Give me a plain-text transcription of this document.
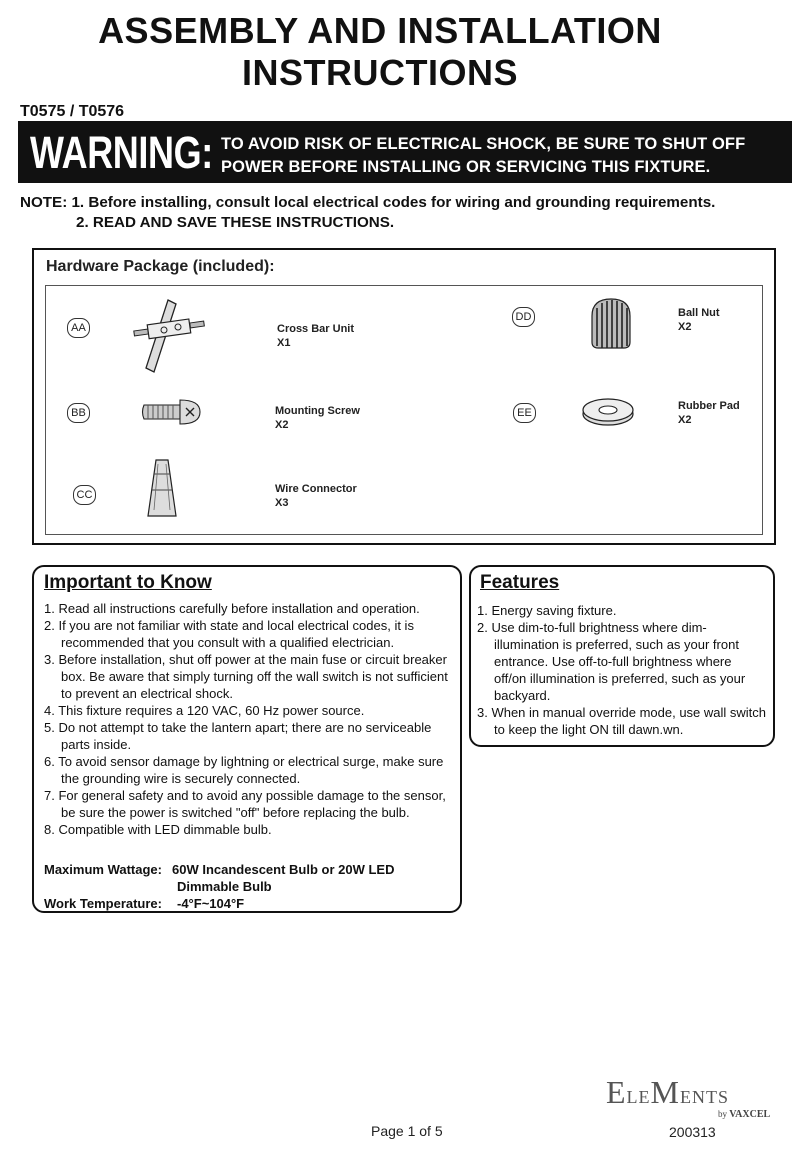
ASSEMBLY AND INSTALLATION
INSTRUCTIONS
T0575 / T0576
WARNING: TO AVOID RISK OF ELECTRICAL SHOCK, BE SURE TO SHUT OFF
POWER BEFORE INSTALLING OR SERVICING THIS FIXTURE.
NOTE: 1. Before installing, consult local electrical codes for wiring and grounding requirements.
2. READ AND SAVE THESE INSTRUCTIONS.
Hardware Package (included):
AA	Cross Bar Unit
X1
BB	Mounting Screw
X2
CC	Wire Connector
X3
DD	Ball Nut
X2
EE
Rubber Pad
X2
Important to Know
1. Read all instructions carefully before installation and operation.
2. If you are not familiar with state and local electrical codes, it is recommended that you consult with a qualified electrician.
3. Before installation, shut off power at the main fuse or circuit breaker box. Be aware that simply turning off the wall switch is not sufficient to prevent an electrical shock.
4. This fixture requires a 120 VAC, 60 Hz power source.
5. Do not attempt to take the lantern apart; there are no serviceable parts inside.
6. To avoid sensor damage by lightning or electrical surge, make sure the grounding wire is securely connected.
7. For general safety and to avoid any possible damage to the sensor, be sure the power is switched "off" before replacing the bulb.
8. Compatible with LED dimmable bulb.
Maximum Wattage: 60W Incandescent Bulb or 20W LED
Dimmable Bulb
Work Temperature: -4°F~104°F
Features
1. Energy saving fixture.
2. Use dim-to-full brightness where dim-illumination is preferred, such as your front entrance. Use off-to-full brightness where off/on illumination is preferred, such as your backyard.
3. When in manual override mode, use wall switch to keep the light ON till dawn.wn.
ELEMENTS
by VAXCEL
Page 1 of 5	200313
